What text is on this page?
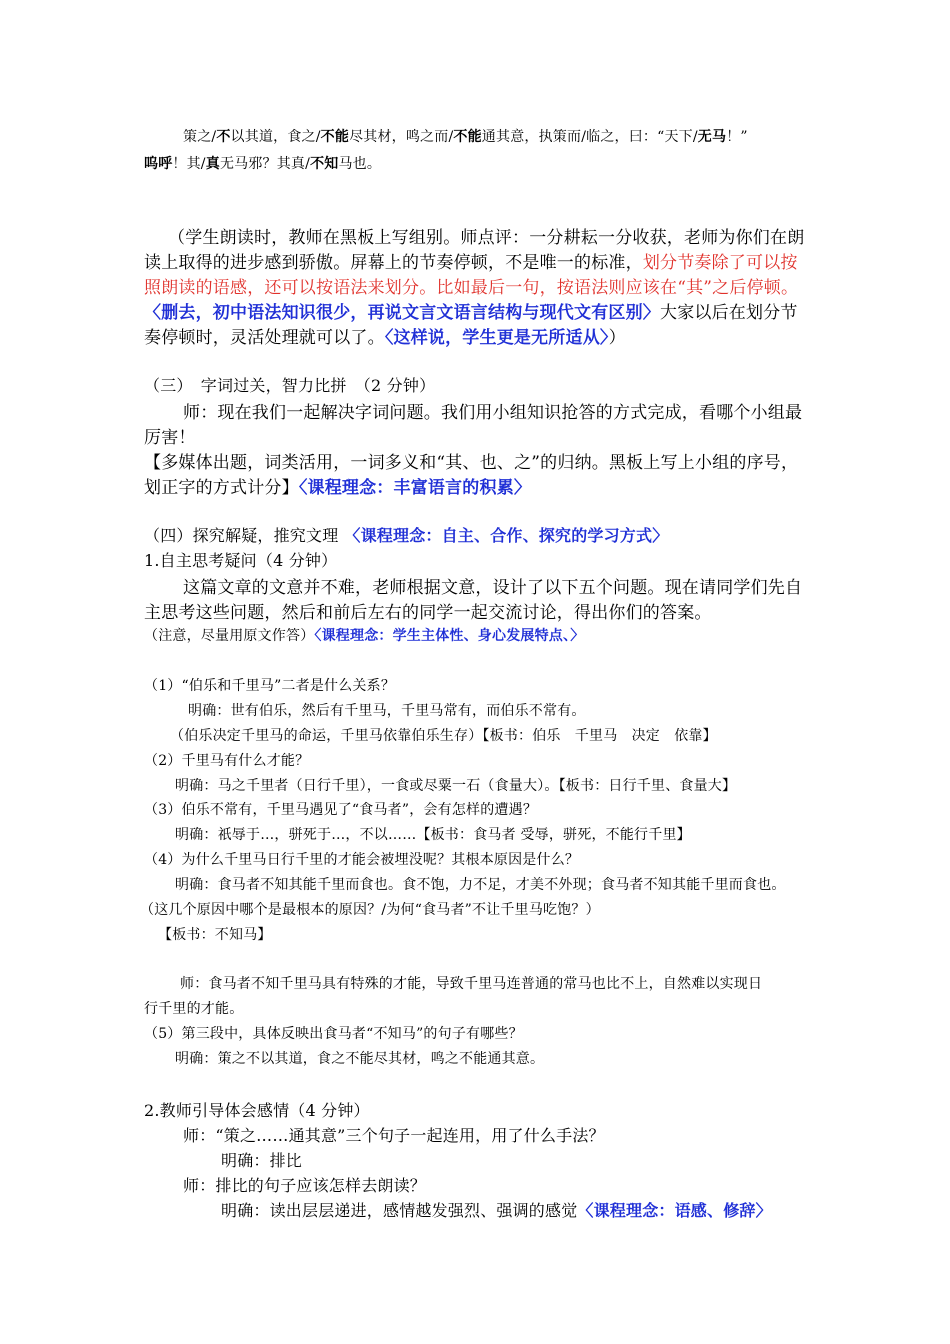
策之/不以其道，食之/不能尽其材，鸣之而/不能通其意，执策而/临之，曰：“天下/无马！”
呜呼！其/真无马邪？其真/不知马也。
（学生朗读时，教师在黑板上写组别。师点评：一分耕耘一分收获，老师为你们在朗
读上取得的进步感到骄傲。屏幕上的节奏停顿，不是唯一的标准，划分节奏除了可以按
照朗读的语感，还可以按语法来划分。比如最后一句，按语法则应该在“其”之后停顿。
〈删去，初中语法知识很少，再说文言文语言结构与现代文有区别〉大家以后在划分节
奏停顿时，灵活处理就可以了。〈这样说，学生更是无所适从〉）
（三）　字词过关，智力比拼　（2 分钟）
师：现在我们一起解决字词问题。我们用小组知识抢答的方式完成，看哪个小组最
厉害！
【多媒体出题，词类活用，一词多义和“其、也、之”的归纳。黑板上写上小组的序号，
划正字的方式计分】〈课程理念：丰富语言的积累〉
（四）探究解疑，推究文理 〈课程理念：自主、合作、探究的学习方式〉
1.自主思考疑问（4 分钟）
这篇文章的文意并不难，老师根据文意，设计了以下五个问题。现在请同学们先自
主思考这些问题，然后和前后左右的同学一起交流讨论，得出你们的答案。
（注意，尽量用原文作答）〈课程理念：学生主体性、身心发展特点、〉
（1）“伯乐和千里马”二者是什么关系？
明确：世有伯乐，然后有千里马，千里马常有，而伯乐不常有。
（伯乐决定千里马的命运，千里马依靠伯乐生存）【板书：伯乐　千里马　决定　依靠】
（2）千里马有什么才能？
明确：马之千里者（日行千里），一食或尽粟一石（食量大）。【板书：日行千里、食量大】
（3）伯乐不常有，千里马遇见了“食马者”，会有怎样的遭遇？
明确：祇辱于…，骈死于…，不以……【板书：食马者 受辱，骈死，不能行千里】
（4）为什么千里马日行千里的才能会被埋没呢？其根本原因是什么？
明确：食马者不知其能千里而食也。食不饱，力不足，才美不外现；食马者不知其能千里而食也。
（这几个原因中哪个是最根本的原因？/为何“食马者”不让千里马吃饱？）
【板书：不知马】
师：食马者不知千里马具有特殊的才能，导致千里马连普通的常马也比不上，自然难以实现日
行千里的才能。
（5）第三段中，具体反映出食马者“不知马”的句子有哪些？
明确：策之不以其道，食之不能尽其材，鸣之不能通其意。
2.教师引导体会感情（4 分钟）
师：“策之……通其意”三个句子一起连用，用了什么手法？
明确：排比
师：排比的句子应该怎样去朗读？
明确：读出层层递进，感情越发强烈、强调的感觉〈课程理念：语感、修辞〉
